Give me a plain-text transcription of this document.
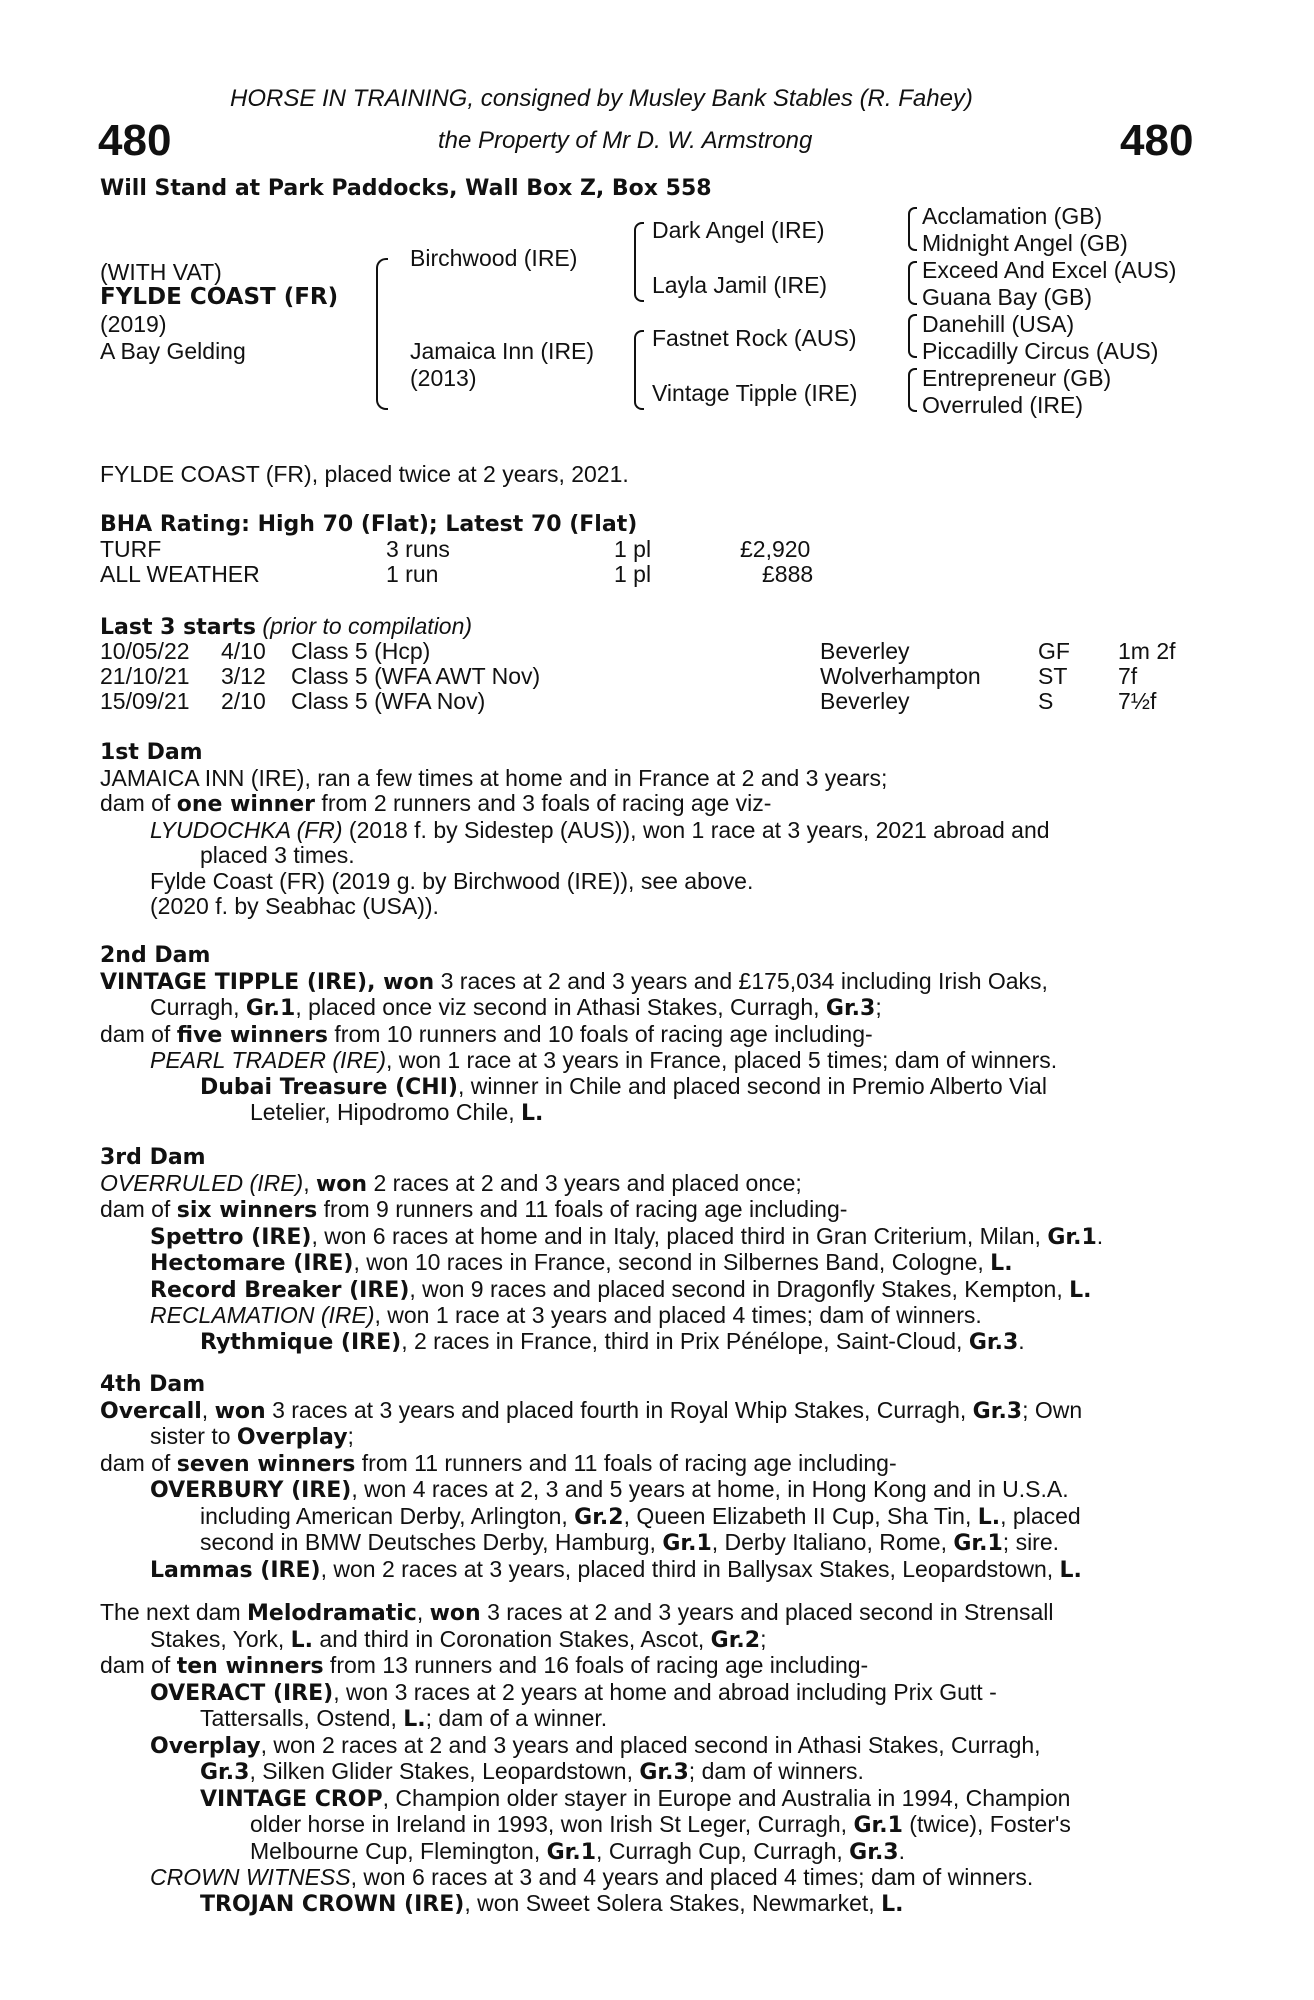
HORSE IN TRAINING, consigned by Musley Bank Stables (R. Fahey)
480	the Property of Mr D. W. Armstrong	480
Will Stand at Park Paddocks, Wall Box Z, Box 558
(WITH VAT)
FYLDE COAST (FR)
(2019)
A Bay Gelding
Birchwood (IRE)
Jamaica Inn (IRE)
(2013)
Dark Angel (IRE)
Layla Jamil (IRE)
Fastnet Rock (AUS)
Vintage Tipple (IRE)
Acclamation (GB)
Midnight Angel (GB)
Exceed And Excel (AUS)
Guana Bay (GB)
Danehill (USA)
Piccadilly Circus (AUS)
Entrepreneur (GB)
Overruled (IRE)
FYLDE COAST (FR), placed twice at 2 years, 2021.
BHA Rating: High 70 (Flat); Latest 70 (Flat)
TURF	3 runs	1 pl	£2,920
ALL WEATHER	1 run	1 pl	£888
Last 3 starts (prior to compilation)
10/05/22 4/10 Class 5 (Hcp)	Beverley	GF 1m 2f
21/10/21 3/12 Class 5 (WFA AWT Nov)	Wolverhampton ST 7f
15/09/21 2/10 Class 5 (WFA Nov)	Beverley	S	7½f
1st Dam
JAMAICA INN (IRE), ran a few times at home and in France at 2 and 3 years;
dam of one winner from 2 runners and 3 foals of racing age viz-
LYUDOCHKA (FR) (2018 f. by Sidestep (AUS)), won 1 race at 3 years, 2021 abroad and
placed 3 times.
Fylde Coast (FR) (2019 g. by Birchwood (IRE)), see above.
(2020 f. by Seabhac (USA)).
2nd Dam
VINTAGE TIPPLE (IRE), won 3 races at 2 and 3 years and £175,034 including Irish Oaks,
Curragh, Gr.1, placed once viz second in Athasi Stakes, Curragh, Gr.3;
dam of five winners from 10 runners and 10 foals of racing age including-
PEARL TRADER (IRE), won 1 race at 3 years in France, placed 5 times; dam of winners.
Dubai Treasure (CHI), winner in Chile and placed second in Premio Alberto Vial
Letelier, Hipodromo Chile, L.
3rd Dam
OVERRULED (IRE), won 2 races at 2 and 3 years and placed once;
dam of six winners from 9 runners and 11 foals of racing age including-
Spettro (IRE), won 6 races at home and in Italy, placed third in Gran Criterium, Milan, Gr.1.
Hectomare (IRE), won 10 races in France, second in Silbernes Band, Cologne, L.
Record Breaker (IRE), won 9 races and placed second in Dragonfly Stakes, Kempton, L.
RECLAMATION (IRE), won 1 race at 3 years and placed 4 times; dam of winners.
Rythmique (IRE), 2 races in France, third in Prix Pénélope, Saint-Cloud, Gr.3.
4th Dam
Overcall, won 3 races at 3 years and placed fourth in Royal Whip Stakes, Curragh, Gr.3; Own
sister to Overplay;
dam of seven winners from 11 runners and 11 foals of racing age including-
OVERBURY (IRE), won 4 races at 2, 3 and 5 years at home, in Hong Kong and in U.S.A.
including American Derby, Arlington, Gr.2, Queen Elizabeth II Cup, Sha Tin, L., placed
second in BMW Deutsches Derby, Hamburg, Gr.1, Derby Italiano, Rome, Gr.1; sire.
Lammas (IRE), won 2 races at 3 years, placed third in Ballysax Stakes, Leopardstown, L.
The next dam Melodramatic, won 3 races at 2 and 3 years and placed second in Strensall
Stakes, York, L. and third in Coronation Stakes, Ascot, Gr.2;
dam of ten winners from 13 runners and 16 foals of racing age including-
OVERACT (IRE), won 3 races at 2 years at home and abroad including Prix Gutt -
Tattersalls, Ostend, L.; dam of a winner.
Overplay, won 2 races at 2 and 3 years and placed second in Athasi Stakes, Curragh,
Gr.3, Silken Glider Stakes, Leopardstown, Gr.3; dam of winners.
VINTAGE CROP, Champion older stayer in Europe and Australia in 1994, Champion
older horse in Ireland in 1993, won Irish St Leger, Curragh, Gr.1 (twice), Foster's
Melbourne Cup, Flemington, Gr.1, Curragh Cup, Curragh, Gr.3.
CROWN WITNESS, won 6 races at 3 and 4 years and placed 4 times; dam of winners.
TROJAN CROWN (IRE), won Sweet Solera Stakes, Newmarket, L.
